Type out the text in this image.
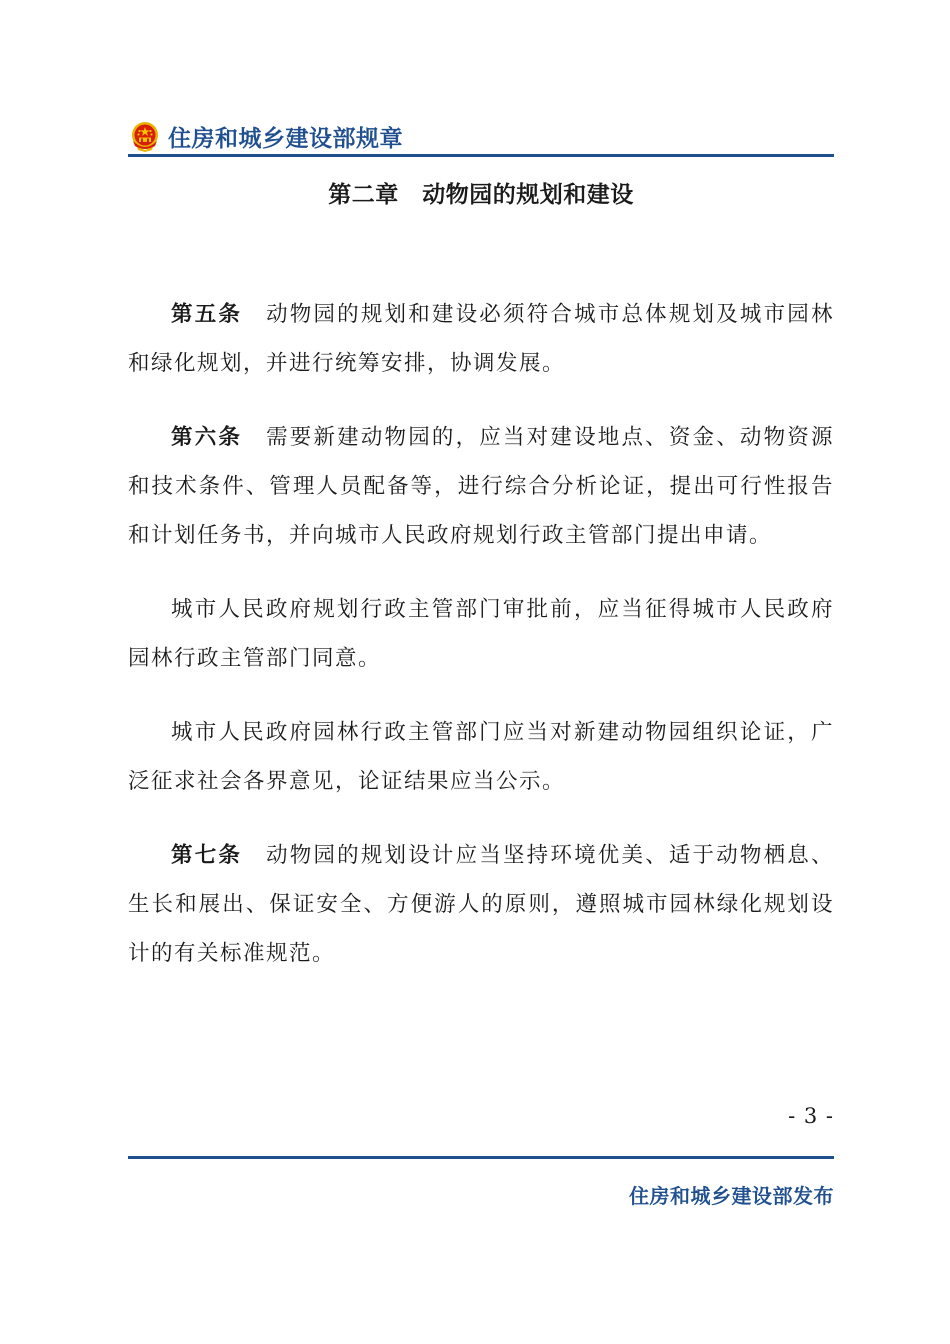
住房和城乡建设部规章
第二章　动物园的规划和建设

第五条 动物园的规划和建设必须符合城市总体规划及城市园林和绿化规划，并进行统筹安排，协调发展。

第六条 需要新建动物园的，应当对建设地点、资金、动物资源和技术条件、管理人员配备等，进行综合分析论证，提出可行性报告和计划任务书，并向城市人民政府规划行政主管部门提出申请。

城市人民政府规划行政主管部门审批前，应当征得城市人民政府园林行政主管部门同意。

城市人民政府园林行政主管部门应当对新建动物园组织论证，广泛征求社会各界意见，论证结果应当公示。

第七条 动物园的规划设计应当坚持环境优美、适于动物栖息、生长和展出、保证安全、方便游人的原则，遵照城市园林绿化规划设计的有关标准规范。

- 3 -
住房和城乡建设部发布
